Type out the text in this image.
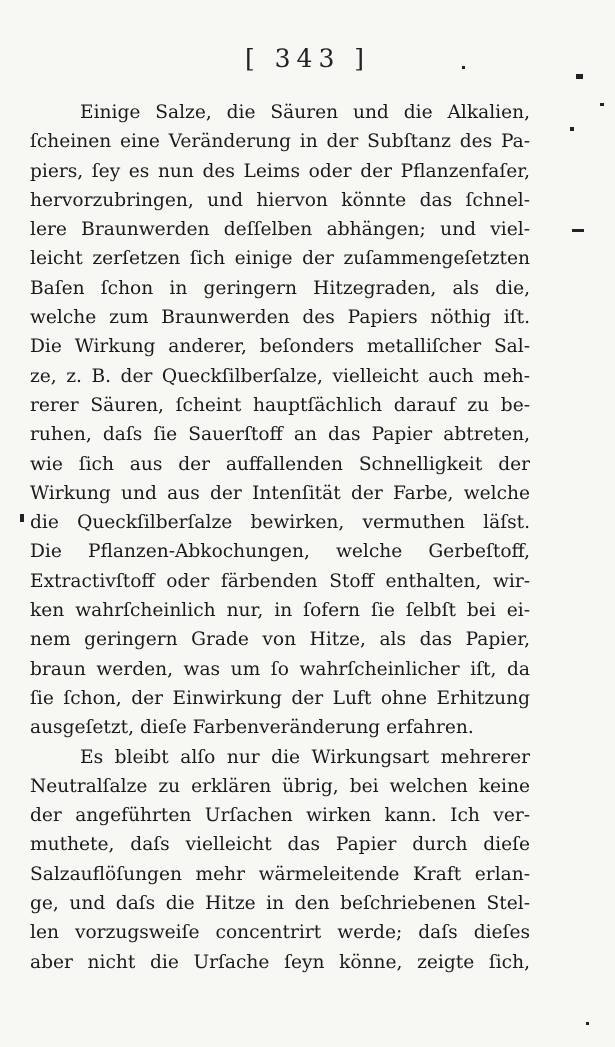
[ 343 ]
Einige Salze, die Säuren und die Alkalien,
ſcheinen eine Veränderung in der Subſtanz des Pa-
piers, ſey es nun des Leims oder der Pflanzenfaſer,
hervorzubringen, und hiervon könnte das ſchnel-
lere Braunwerden deſſelben abhängen; und viel-
leicht zerſetzen ſich einige der zuſammengeſetzten
Baſen ſchon in geringern Hitzegraden, als die,
welche zum Braunwerden des Papiers nöthig iſt.
Die Wirkung anderer, beſonders metalliſcher Sal-
ze, z. B. der Queckſilberſalze, vielleicht auch meh-
rerer Säuren, ſcheint hauptſächlich darauf zu be-
ruhen, daſs ſie Sauerſtoff an das Papier abtreten,
wie ſich aus der auffallenden Schnelligkeit der
Wirkung und aus der Intenſität der Farbe, welche
die Queckſilberſalze bewirken, vermuthen läſst.
Die Pflanzen-Abkochungen, welche Gerbeſtoff,
Extractivſtoff oder färbenden Stoff enthalten, wir-
ken wahrſcheinlich nur, in ſofern ſie ſelbſt bei ei-
nem geringern Grade von Hitze, als das Papier,
braun werden, was um ſo wahrſcheinlicher iſt, da
ſie ſchon, der Einwirkung der Luft ohne Erhitzung
ausgeſetzt, dieſe Farbenveränderung erfahren.
Es bleibt alſo nur die Wirkungsart mehrerer
Neutralſalze zu erklären übrig, bei welchen keine
der angeführten Urſachen wirken kann. Ich ver-
muthete, daſs vielleicht das Papier durch dieſe
Salzauflöſungen mehr wärmeleitende Kraft erlan-
ge, und daſs die Hitze in den beſchriebenen Stel-
len vorzugsweiſe concentrirt werde; daſs dieſes
aber nicht die Urſache ſeyn könne, zeigte ſich,
